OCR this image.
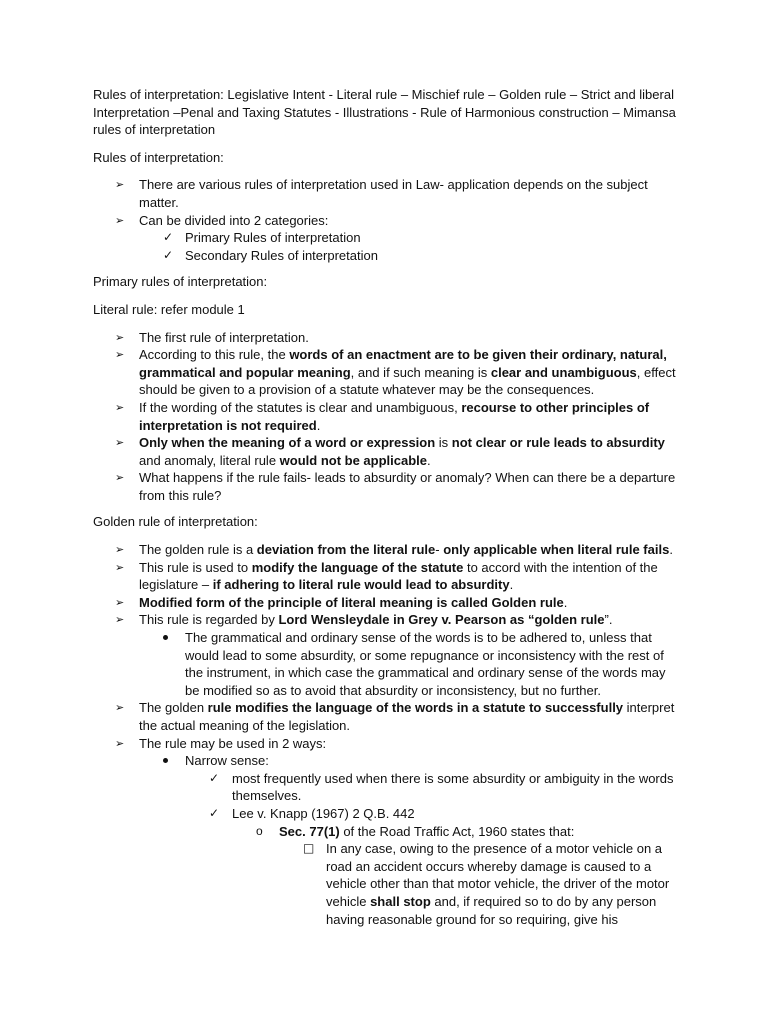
Rules of interpretation: Legislative Intent - Literal rule – Mischief rule – Golden rule – Strict and liberal Interpretation –Penal and Taxing Statutes - Illustrations - Rule of Harmonious construction – Mimansa rules of interpretation

Rules of interpretation:

➢ There are various rules of interpretation used in Law- application depends on the subject matter.
➢ Can be divided into 2 categories:
✓ Primary Rules of interpretation
✓ Secondary Rules of interpretation

Primary rules of interpretation:

Literal rule: refer module 1

➢ The first rule of interpretation.
➢ According to this rule, the words of an enactment are to be given their ordinary, natural, grammatical and popular meaning, and if such meaning is clear and unambiguous, effect should be given to a provision of a statute whatever may be the consequences.
➢ If the wording of the statutes is clear and unambiguous, recourse to other principles of interpretation is not required.
➢ Only when the meaning of a word or expression is not clear or rule leads to absurdity and anomaly, literal rule would not be applicable.
➢ What happens if the rule fails- leads to absurdity or anomaly? When can there be a departure from this rule?

Golden rule of interpretation:

➢ The golden rule is a deviation from the literal rule- only applicable when literal rule fails.
➢ This rule is used to modify the language of the statute to accord with the intention of the legislature – if adhering to literal rule would lead to absurdity.
➢ Modified form of the principle of literal meaning is called Golden rule.
➢ This rule is regarded by Lord Wensleydale in Grey v. Pearson as “golden rule”.
The grammatical and ordinary sense of the words is to be adhered to, unless that would lead to some absurdity, or some repugnance or inconsistency with the rest of the instrument, in which case the grammatical and ordinary sense of the words may be modified so as to avoid that absurdity or inconsistency, but no further.
➢ The golden rule modifies the language of the words in a statute to successfully interpret the actual meaning of the legislation.
➢ The rule may be used in 2 ways:
Narrow sense:
✓ most frequently used when there is some absurdity or ambiguity in the words themselves.
✓ Lee v. Knapp (1967) 2 Q.B. 442
o Sec. 77(1) of the Road Traffic Act, 1960 states that:
□ In any case, owing to the presence of a motor vehicle on a road an accident occurs whereby damage is caused to a vehicle other than that motor vehicle, the driver of the motor vehicle shall stop and, if required so to do by any person having reasonable ground for so requiring, give his
